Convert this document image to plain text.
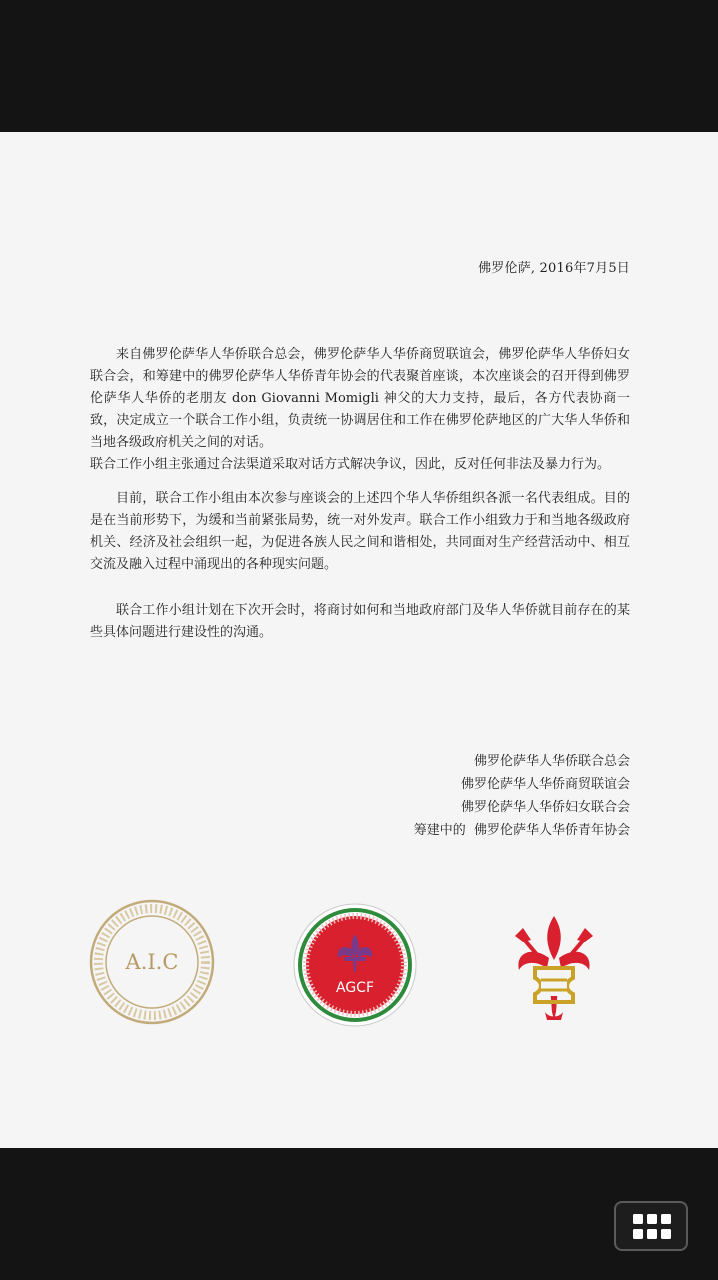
佛罗伦萨, 2016年7月5日

来自佛罗伦萨华人华侨联合总会，佛罗伦萨华人华侨商贸联谊会，佛罗伦萨华人华侨妇女联合会，和筹建中的佛罗伦萨华人华侨青年协会的代表聚首座谈，本次座谈会的召开得到佛罗伦萨华人华侨的老朋友 don Giovanni Momigli 神父的大力支持，最后，各方代表协商一致，决定成立一个联合工作小组，负责统一协调居住和工作在佛罗伦萨地区的广大华人华侨和当地各级政府机关之间的对话。

联合工作小组主张通过合法渠道采取对话方式解决争议，因此，反对任何非法及暴力行为。

目前，联合工作小组由本次参与座谈会的上述四个华人华侨组织各派一名代表组成。目的是在当前形势下，为缓和当前紧张局势，统一对外发声。联合工作小组致力于和当地各级政府机关、经济及社会组织一起，为促进各族人民之间和谐相处，共同面对生产经营活动中、相互交流及融入过程中涌现出的各种现实问题。

联合工作小组计划在下次开会时，将商讨如何和当地政府部门及华人华侨就目前存在的某些具体问题进行建设性的沟通。

佛罗伦萨华人华侨联合总会
佛罗伦萨华人华侨商贸联谊会
佛罗伦萨华人华侨妇女联合会
筹建中的  佛罗伦萨华人华侨青年协会
A.I.C
AGCF
